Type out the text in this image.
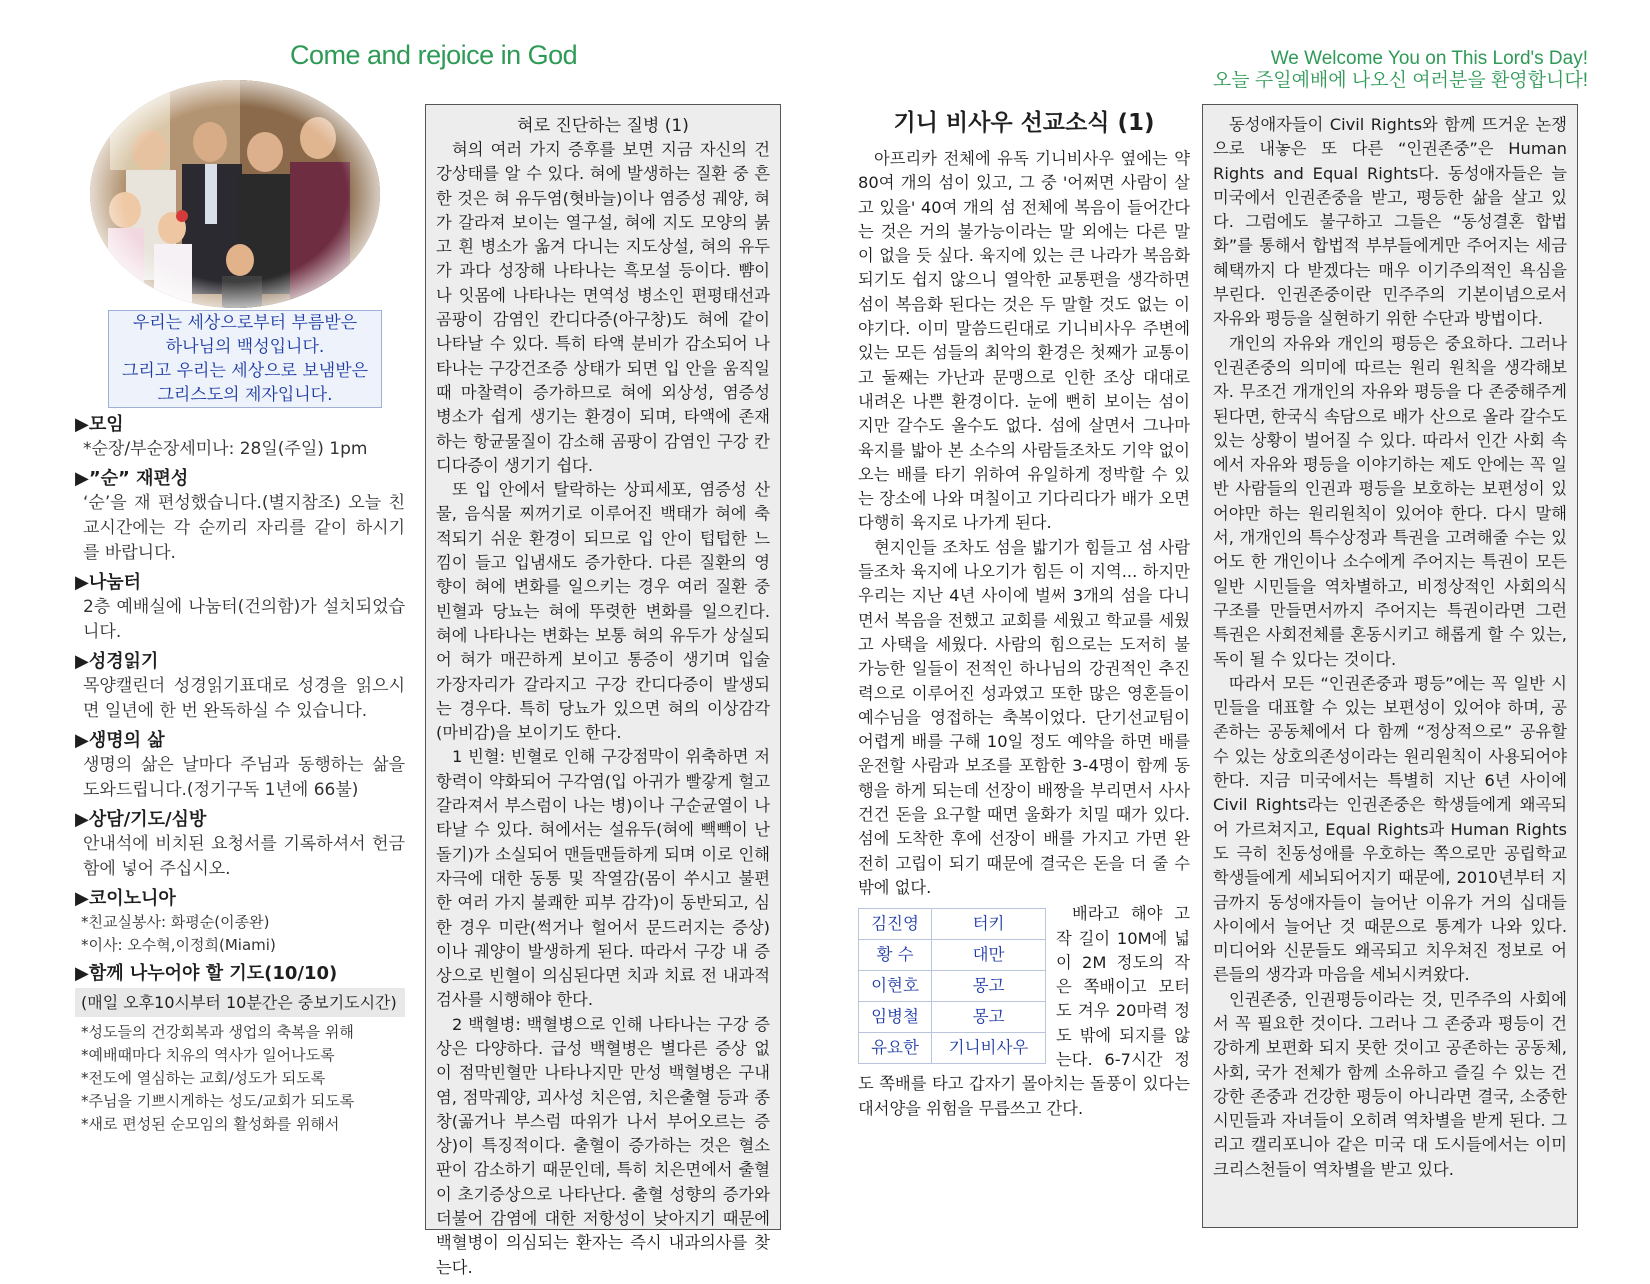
Come and rejoice in God	We Welcome You on This Lord's Day!
오늘 주일예배에 나오신 여러분을 환영합니다!
우리는 세상으로부터 부름받은
하나님의 백성입니다.
그리고 우리는 세상으로 보냄받은
그리스도의 제자입니다.
▶모임
*순장/부순장세미나: 28일(주일) 1pm
▶”순” 재편성
‘순’을 재 편성했습니다.(별지참조) 오늘 친교시간에는 각 순끼리 자리를 같이 하시기를 바랍니다.
▶나눔터
2층 예배실에 나눔터(건의함)가 설치되었습니다.
▶성경읽기
목양캘린더 성경읽기표대로 성경을 읽으시면 일년에 한 번 완독하실 수 있습니다.
▶생명의 삶
생명의 삶은 날마다 주님과 동행하는 삶을 도와드립니다.(정기구독 1년에 66불)
▶상담/기도/심방
안내석에 비치된 요청서를 기록하셔서 헌금함에 넣어 주십시오.
▶코이노니아
*친교실봉사: 화평순(이종완)
*이사: 오수혁,이정희(Miami)
▶함께 나누어야 할 기도(10/10)
(매일 오후10시부터 10분간은 중보기도시간)
*성도들의 건강회복과 생업의 축복을 위해
*예배때마다 치유의 역사가 일어나도록
*전도에 열심하는 교회/성도가 되도록
*주님을 기쁘시게하는 성도/교회가 되도록
*새로 편성된 순모임의 활성화를 위해서
혀로 진단하는 질병 (1)

혀의 여러 가지 증후를 보면 지금 자신의 건강상태를 알 수 있다. 혀에 발생하는 질환 중 흔한 것은 혀 유두염(혓바늘)이나 염증성 궤양, 혀가 갈라져 보이는 열구설, 혀에 지도 모양의 붉고 흰 병소가 옮겨 다니는 지도상설, 혀의 유두가 과다 성장해 나타나는 흑모설 등이다. 뺨이나 잇몸에 나타나는 면역성 병소인 편평태선과 곰팡이 감염인 칸디다증(아구창)도 혀에 같이 나타날 수 있다. 특히 타액 분비가 감소되어 나타나는 구강건조증 상태가 되면 입 안을 움직일 때 마찰력이 증가하므로 혀에 외상성, 염증성 병소가 쉽게 생기는 환경이 되며, 타액에 존재하는 항균물질이 감소해 곰팡이 감염인 구강 칸디다증이 생기기 쉽다.

또 입 안에서 탈락하는 상피세포, 염증성 산물, 음식물 찌꺼기로 이루어진 백태가 혀에 축적되기 쉬운 환경이 되므로 입 안이 텁텁한 느낌이 들고 입냄새도 증가한다. 다른 질환의 영향이 혀에 변화를 일으키는 경우 여러 질환 중 빈혈과 당뇨는 혀에 뚜렷한 변화를 일으킨다. 혀에 나타나는 변화는 보통 혀의 유두가 상실되어 혀가 매끈하게 보이고 통증이 생기며 입술 가장자리가 갈라지고 구강 칸디다증이 발생되는 경우다. 특히 당뇨가 있으면 혀의 이상감각(마비감)을 보이기도 한다.

1 빈혈: 빈혈로 인해 구강점막이 위축하면 저항력이 약화되어 구각염(입 아귀가 빨갛게 헐고 갈라져서 부스럼이 나는 병)이나 구순균열이 나타날 수 있다. 혀에서는 설유두(혀에 빽빽이 난 돌기)가 소실되어 맨들맨들하게 되며 이로 인해 자극에 대한 동통 및 작열감(몸이 쑤시고 불편한 여러 가지 불쾌한 피부 감각)이 동반되고, 심한 경우 미란(썩거나 헐어서 문드러지는 증상)이나 궤양이 발생하게 된다. 따라서 구강 내 증상으로 빈혈이 의심된다면 치과 치료 전 내과적 검사를 시행해야 한다.

2 백혈병: 백혈병으로 인해 나타나는 구강 증상은 다양하다. 급성 백혈병은 별다른 증상 없이 점막빈혈만 나타나지만 만성 백혈병은 구내염, 점막궤양, 괴사성 치은염, 치은출혈 등과 종창(곪거나 부스럼 따위가 나서 부어오르는 증상)이 특징적이다. 출혈이 증가하는 것은 혈소판이 감소하기 때문인데, 특히 치은면에서 출혈이 초기증상으로 나타난다. 출혈 성향의 증가와 더불어 감염에 대한 저항성이 낮아지기 때문에 백혈병이 의심되는 환자는 즉시 내과의사를 찾는다.

기니 비사우 선교소식 (1)

아프리카 전체에 유독 기니비사우 옆에는 약 80여 개의 섬이 있고, 그 중 '어쩌면 사람이 살고 있을' 40여 개의 섬 전체에 복음이 들어간다는 것은 거의 불가능이라는 말 외에는 다른 말이 없을 듯 싶다. 육지에 있는 큰 나라가 복음화되기도 쉽지 않으니 열악한 교통편을 생각하면 섬이 복음화 된다는 것은 두 말할 것도 없는 이야기다. 이미 말씀드린대로 기니비사우 주변에 있는 모든 섬들의 최악의 환경은 첫째가 교통이고 둘째는 가난과 문맹으로 인한 조상 대대로 내려온 나쁜 환경이다. 눈에 뻔히 보이는 섬이지만 갈수도 올수도 없다. 섬에 살면서 그나마 육지를 밟아 본 소수의 사람들조차도 기약 없이 오는 배를 타기 위하여 유일하게 정박할 수 있는 장소에 나와 며칠이고 기다리다가 배가 오면 다행히 육지로 나가게 된다.

현지인들 조차도 섬을 밟기가 힘들고 섬 사람들조차 육지에 나오기가 힘든 이 지역... 하지만 우리는 지난 4년 사이에 벌써 3개의 섬을 다니면서 복음을 전했고 교회를 세웠고 학교를 세웠고 사택을 세웠다. 사람의 힘으로는 도저히 불가능한 일들이 전적인 하나님의 강권적인 추진력으로 이루어진 성과였고 또한 많은 영혼들이 예수님을 영접하는 축복이었다. 단기선교팀이 어렵게 배를 구해 10일 정도 예약을 하면 배를 운전할 사람과 보조를 포함한 3-4명이 함께 동행을 하게 되는데 선장이 배짱을 부리면서 사사건건 돈을 요구할 때면 울화가 치밀 때가 있다. 섬에 도착한 후에 선장이 배를 가지고 가면 완전히 고립이 되기 때문에 결국은 돈을 더 줄 수밖에 없다.

김진영	터키
황 수	대만
이현호	몽고
임병철	몽고
유요한	기니비사우

배라고 해야 고작 길이 10M에 넓이 2M 정도의 작은 쪽배이고 모터도 겨우 20마력 정도 밖에 되지를 않는다. 6-7시간 정도 쪽배를 타고 갑자기 몰아치는 돌풍이 있다는 대서양을 위험을 무릅쓰고 간다.

동성애자들이 Civil Rights와 함께 뜨거운 논쟁으로 내놓은 또 다른 “인권존중”은 Human Rights and Equal Rights다. 동성애자들은 늘 미국에서 인권존중을 받고, 평등한 삶을 살고 있다. 그럼에도 불구하고 그들은 “동성결혼 합법화”를 통해서 합법적 부부들에게만 주어지는 세금혜택까지 다 받겠다는 매우 이기주의적인 욕심을 부린다. 인권존중이란 민주주의 기본이념으로서 자유와 평등을 실현하기 위한 수단과 방법이다.

개인의 자유와 개인의 평등은 중요하다. 그러나 인권존중의 의미에 따르는 원리 원칙을 생각해보자. 무조건 개개인의 자유와 평등을 다 존중해주게 된다면, 한국식 속담으로 배가 산으로 올라 갈수도 있는 상황이 벌어질 수 있다. 따라서 인간 사회 속에서 자유와 평등을 이야기하는 제도 안에는 꼭 일반 사람들의 인권과 평등을 보호하는 보편성이 있어야만 하는 원리원칙이 있어야 한다. 다시 말해서, 개개인의 특수상정과 특권을 고려해줄 수는 있어도 한 개인이나 소수에게 주어지는 특권이 모든 일반 시민들을 역차별하고, 비정상적인 사회의식구조를 만들면서까지 주어지는 특권이라면 그런 특권은 사회전체를 혼동시키고 해롭게 할 수 있는, 독이 될 수 있다는 것이다.

따라서 모든 “인권존중과 평등”에는 꼭 일반 시민들을 대표할 수 있는 보편성이 있어야 하며, 공존하는 공동체에서 다 함께 “정상적으로” 공유할 수 있는 상호의존성이라는 원리원칙이 사용되어야 한다. 지금 미국에서는 특별히 지난 6년 사이에 Civil Rights라는 인권존중은 학생들에게 왜곡되어 가르쳐지고, Equal Rights과 Human Rights도 극히 친동성애를 우호하는 쪽으로만 공립학교 학생들에게 세뇌되어지기 때문에, 2010년부터 지금까지 동성애자들이 늘어난 이유가 거의 십대들 사이에서 늘어난 것 때문으로 통계가 나와 있다. 미디어와 신문들도 왜곡되고 치우쳐진 정보로 어른들의 생각과 마음을 세뇌시켜왔다.

인권존중, 인권평등이라는 것, 민주주의 사회에서 꼭 필요한 것이다. 그러나 그 존중과 평등이 건강하게 보편화 되지 못한 것이고 공존하는 공동체, 사회, 국가 전체가 함께 소유하고 즐길 수 있는 건강한 존중과 건강한 평등이 아니라면 결국, 소중한 시민들과 자녀들이 오히려 역차별을 받게 된다. 그리고 캘리포니아 같은 미국 대 도시들에서는 이미 크리스천들이 역차별을 받고 있다.
